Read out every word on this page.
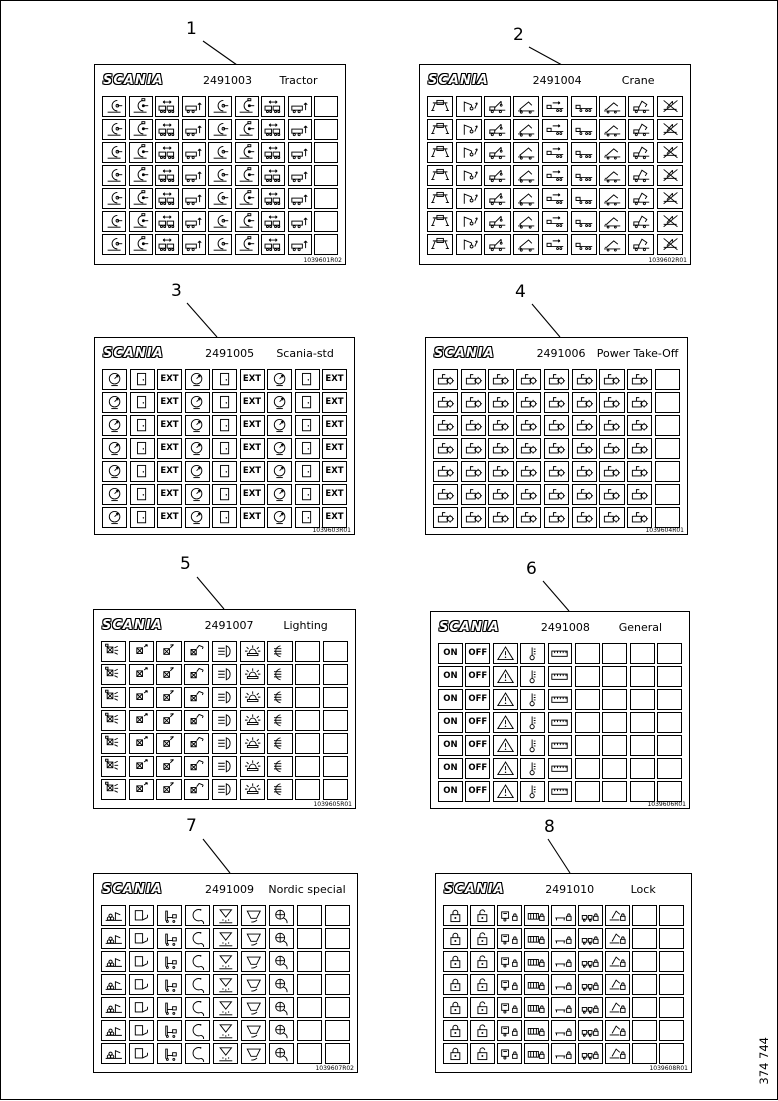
SCANIA	2491003	Tractor
1039601R02
SCANIA	2491004	Crane
1039602R01
SCANIA	2491005	Scania-std
EXT	EXT	EXT
EXT	EXT	EXT
EXT	EXT	EXT
EXT	EXT	EXT
EXT	EXT	EXT
EXT	EXT	EXT
EXT	EXT	EXT
1039603R01
SCANIA	2491006	Power Take-Off
1039604R01
SCANIA	2491007	Lighting
1039605R01
SCANIA	2491008	General
ON OFF
ON OFF
ON OFF
ON OFF
ON OFF
ON OFF
ON OFF
1039606R01
SCANIA	2491009	Nordic special
1039607R02
SCANIA	2491010	Lock
1039608R01	374 744
1	2
3	4
5	6
7	8
